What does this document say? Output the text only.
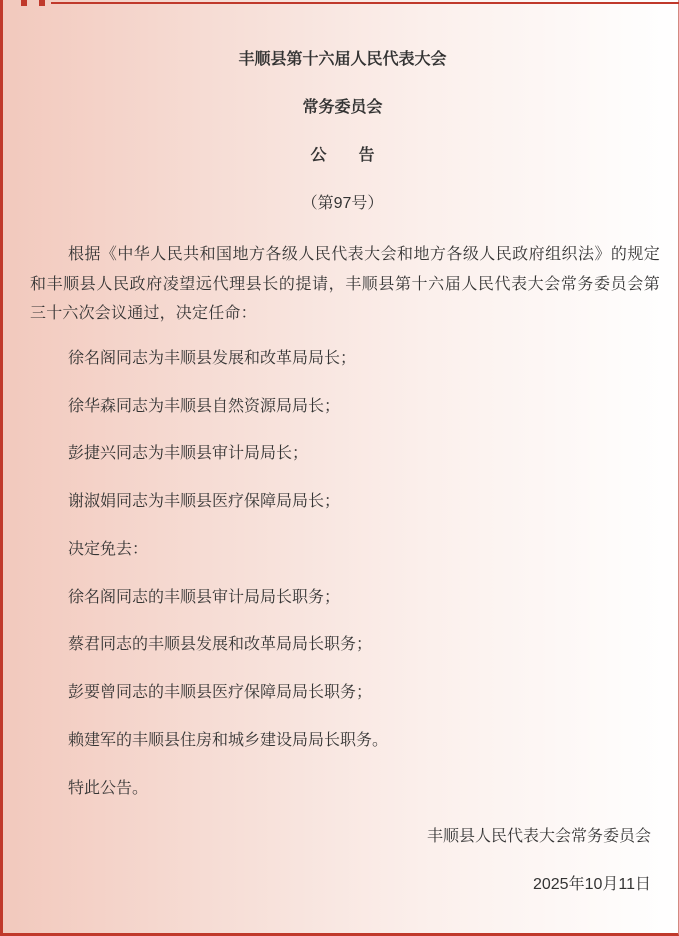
丰顺县第十六届人民代表大会
常务委员会
公　　告
（第97号）

根据《中华人民共和国地方各级人民代表大会和地方各级人民政府组织法》的规定和丰顺县人民政府凌望远代理县长的提请，丰顺县第十六届人民代表大会常务委员会第三十六次会议通过，决定任命：

徐名阁同志为丰顺县发展和改革局局长；
徐华森同志为丰顺县自然资源局局长；
彭捷兴同志为丰顺县审计局局长；
谢淑娟同志为丰顺县医疗保障局局长；
决定免去：
徐名阁同志的丰顺县审计局局长职务；
蔡君同志的丰顺县发展和改革局局长职务；
彭要曾同志的丰顺县医疗保障局局长职务；
赖建军的丰顺县住房和城乡建设局局长职务。
特此公告。
丰顺县人民代表大会常务委员会
2025年10月11日
